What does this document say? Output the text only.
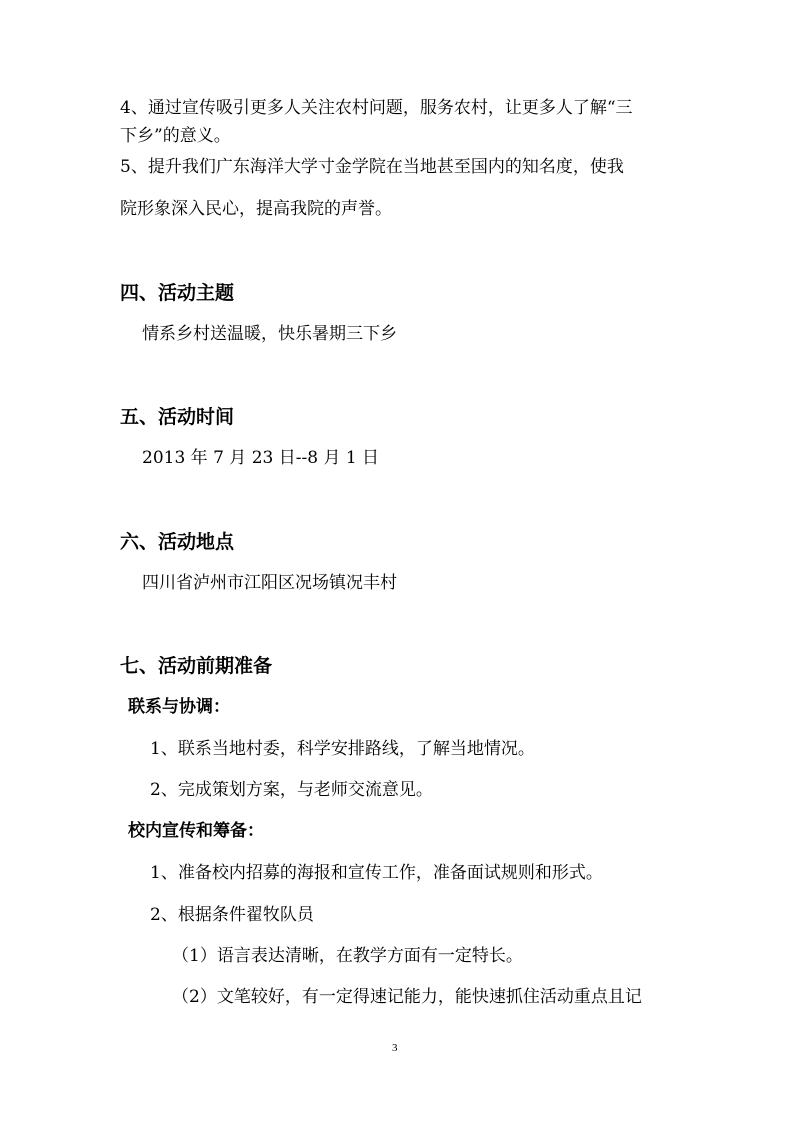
4、通过宣传吸引更多人关注农村问题，服务农村，让更多人了解“三
下乡”的意义。
5、提升我们广东海洋大学寸金学院在当地甚至国内的知名度，使我
院形象深入民心，提高我院的声誉。
四、活动主题
情系乡村送温暖，快乐暑期三下乡
五、活动时间
2013 年 7 月 23 日--8 月 1 日
六、活动地点
四川省泸州市江阳区况场镇况丰村
七、活动前期准备
联系与协调：
1、联系当地村委，科学安排路线，了解当地情况。
2、完成策划方案，与老师交流意见。
校内宣传和筹备：
1、准备校内招募的海报和宣传工作，准备面试规则和形式。
2、根据条件翟牧队员
（1）语言表达清晰，在教学方面有一定特长。
（2）文笔较好，有一定得速记能力，能快速抓住活动重点且记
3
